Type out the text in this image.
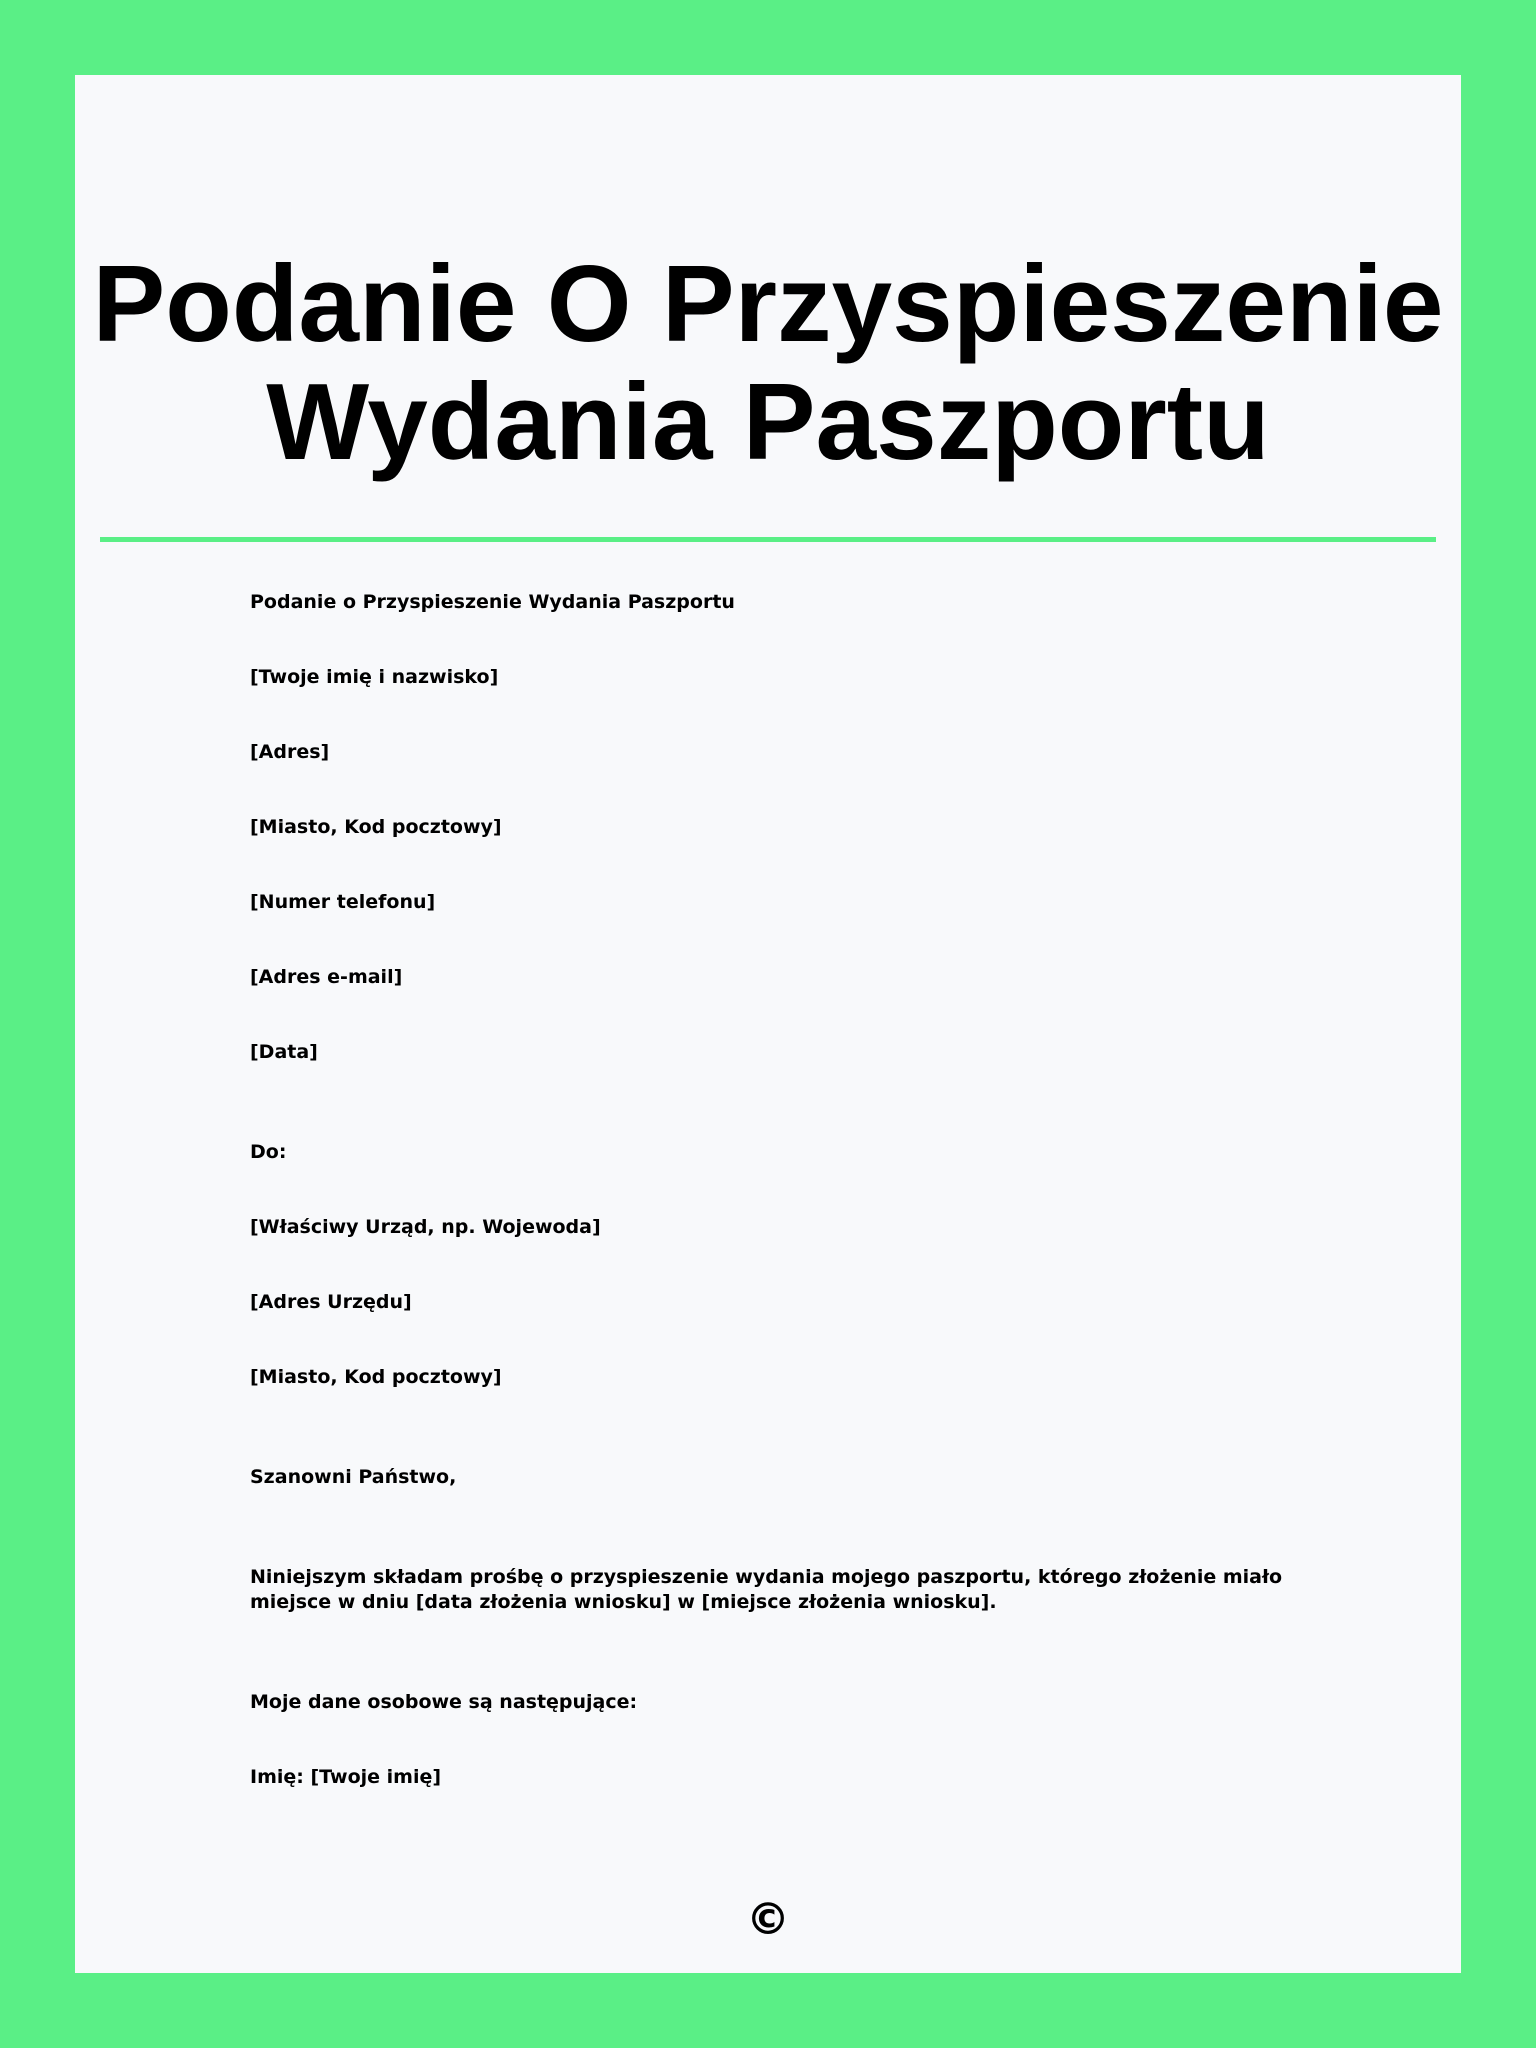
Podanie O Przyspieszenie Wydania Paszportu

Podanie o Przyspieszenie Wydania Paszportu

[Twoje imię i nazwisko]

[Adres]

[Miasto, Kod pocztowy]

[Numer telefonu]

[Adres e-mail]

[Data]

Do:

[Właściwy Urząd, np. Wojewoda]

[Adres Urzędu]

[Miasto, Kod pocztowy]

Szanowni Państwo,

Niniejszym składam prośbę o przyspieszenie wydania mojego paszportu, którego złożenie miało miejsce w dniu [data złożenia wniosku] w [miejsce złożenia wniosku].

Moje dane osobowe są następujące:

Imię: [Twoje imię]

©
